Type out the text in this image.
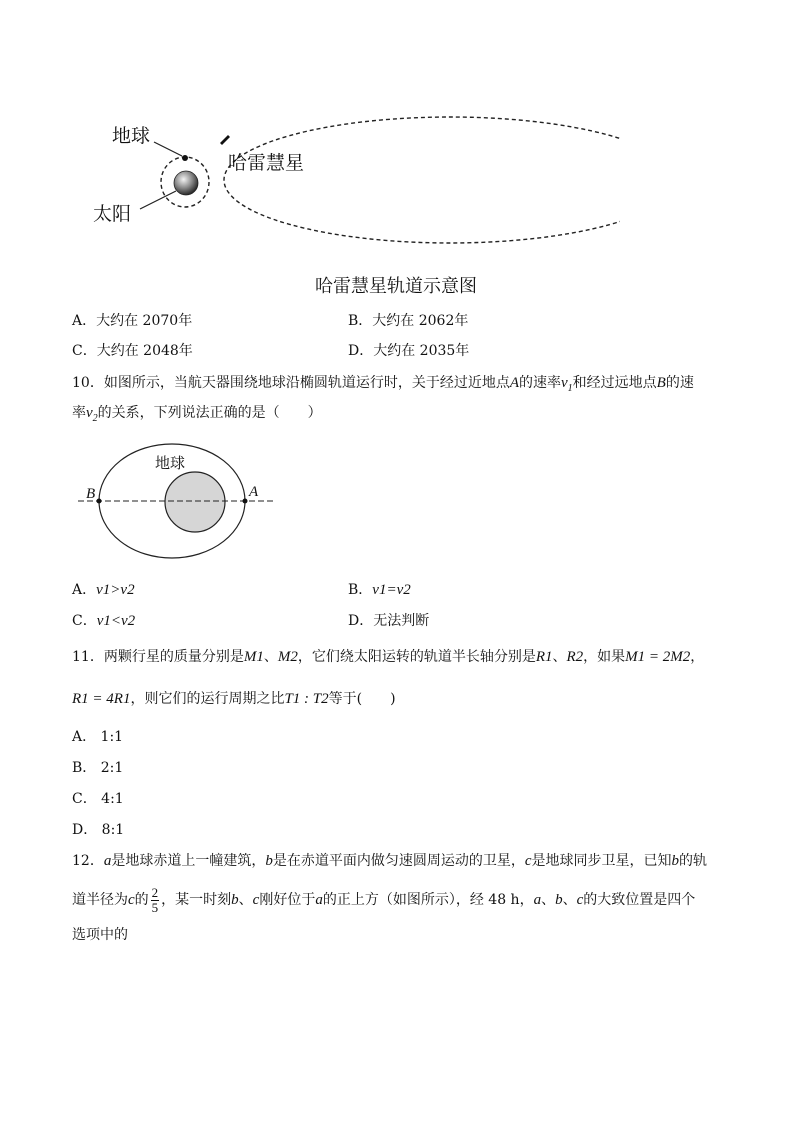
地球
哈雷慧星
太阳
哈雷慧星轨道示意图
A．大约在 2070年	B．大约在 2062年
C．大约在 2048年	D．大约在 2035年
10．如图所示，当航天器围绕地球沿椭圆轨道运行时，关于经过近地点A的速率$v_1$和经过远地点B的速
率$v_2$的关系，下列说法正确的是（　　）
地球
B	A
A．v1>v2	B．v1=v2
C．v1<v2	D．无法判断
11．两颗行星的质量分别是M1、M2，它们绕太阳运转的轨道半长轴分别是R1、R2，如果M1 = 2M2，
R1 = 4R1，则它们的运行周期之比T1 : T2等于(　　)
A． 1:1
B． 2:1
C． 4:1
D． 8:1
12．a是地球赤道上一幢建筑，b是在赤道平面内做匀速圆周运动的卫星，c是地球同步卫星，已知b的轨
道半径为c的 $\frac{2}{5}$ ，某一时刻b、c刚好位于a的正上方（如图所示），经 48 h，a、b、c的大致位置是四个
选项中的
